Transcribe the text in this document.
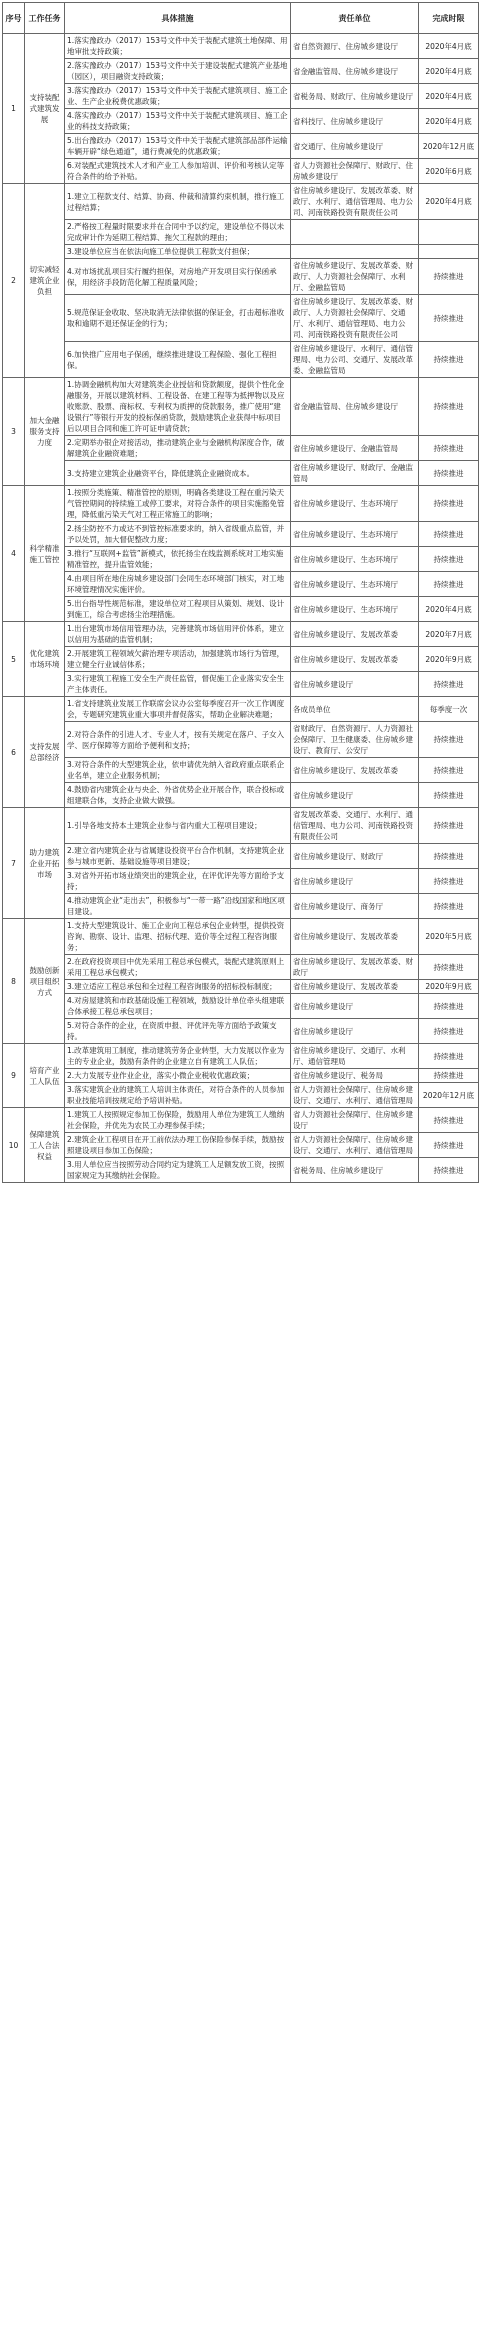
序号	工作任务	具体措施	责任单位	完成时限
1	支持装配式建筑发展	1.落实豫政办（2017）153号文件中关于装配式建筑土地保障、用地审批支持政策；	省自然资源厅、住房城乡建设厅	2020年4月底
		2.落实豫政办（2017）153号文件中关于建设装配式建筑产业基地（园区），项目融资支持政策；	省金融监管局、住房城乡建设厅	2020年4月底
		3.落实豫政办（2017）153号文件中关于装配式建筑项目、施工企业、生产企业税费优惠政策；	省税务局、财政厅、住房城乡建设厅	2020年4月底
		4.落实豫政办（2017）153号文件中关于装配式建筑项目、施工企业的科技支持政策；	省科技厅、住房城乡建设厅	2020年4月底
		5.出台豫政办（2017）153号文件中关于装配式建筑部品部件运输车辆开辟“绿色通道”，通行费减免的优惠政策；	省交通厅、住房城乡建设厅	2020年12月底
		6.对装配式建筑技术人才和产业工人参加培训、评价和考核认定等符合条件的给予补贴。	省人力资源社会保障厅、财政厅、住房城乡建设厅	2020年6月底
2	切实减轻建筑企业负担	1.建立工程款支付、结算、协商、仲裁和清算约束机制，推行施工过程结算；	省住房城乡建设厅、发展改革委、财政厅、水利厅、通信管理局、电力公司、河南铁路投资有限责任公司	2020年4月底
		2.严格按工程量时限要求并在合同中予以约定，建设单位不得以未完成审计作为延期工程结算、拖欠工程款的理由；		
		3.建设单位应当在依法向施工单位提供工程款支付担保；		
		4.对市场扰乱项目实行履约担保，对房地产开发项目实行保函承保，用经济手段防范化解工程质量风险；	省住房城乡建设厅、发展改革委、财政厅、人力资源社会保障厅、水利厅、金融监管局	持续推进
		5.规范保证金收取、坚决取消无法律依据的保证金，打击超标准收取和逾期不退还保证金的行为；	省住房城乡建设厅、发展改革委、财政厅、人力资源社会保障厅、交通厅、水利厅、通信管理局、电力公司、河南铁路投资有限责任公司	持续推进
		6.加快推广应用电子保函，继续推进建设工程保险、强化工程担保。	省住房城乡建设厅、水利厅、通信管理局、电力公司、交通厅、发展改革委、金融监管局	持续推进
3	加大金融服务支持力度	1.协调金融机构加大对建筑类企业授信和贷款额度，提供个性化金融服务，开展以建筑材料、工程设备、在建工程等为抵押物以及应收账款、股票、商标权、专利权为质押的贷款服务，推广使用“建设银行”等银行开发的投标保函贷款，鼓励建筑企业获得中标项目后以项目合同和施工许可证申请贷款；	省金融监管局、住房城乡建设厅	持续推进
		2.定期举办银企对接活动，推动建筑企业与金融机构深度合作，破解建筑企业融资难题；	省住房城乡建设厅、金融监管局	持续推进
		3.支持建立建筑企业融资平台，降低建筑企业融资成本。	省住房城乡建设厅、财政厅、金融监管局	持续推进
4	科学精准施工管控	1.按照分类施策、精准管控的原则，明确各类建设工程在重污染天气管控期间的持续施工或停工要求，对符合条件的项目实施豁免管理，降低重污染天气对工程正常施工的影响；	省住房城乡建设厅、生态环境厅	持续推进
		2.扬尘防控不力或达不到管控标准要求的，纳入省级重点监管，并予以处罚，加大督促整改力度；	省住房城乡建设厅、生态环境厅	持续推进
		3.推行“互联网+监管”新模式，依托扬尘在线监测系统对工地实施精准管控，提升监管效能；	省住房城乡建设厅、生态环境厅	持续推进
		4.由项目所在地住房城乡建设部门会同生态环境部门核实，对工地环境管理情况实施评价。	省住房城乡建设厅、生态环境厅	持续推进
		5.出台指导性规范标准，建设单位对工程项目从策划、规划、设计到施工，综合考虑扬尘治理措施。	省住房城乡建设厅、生态环境厅	2020年4月底
5	优化建筑市场环境	1.出台建筑市场信用管理办法，完善建筑市场信用评价体系，建立以信用为基础的监管机制；	省住房城乡建设厅、发展改革委	2020年7月底
		2.开展建筑工程领域欠薪治理专项活动，加强建筑市场行为管理，建立健全行业诚信体系；	省住房城乡建设厅、发展改革委	2020年9月底
		3.实行建筑工程施工安全生产责任监管，督促施工企业落实安全生产主体责任。	省住房城乡建设厅	持续推进
6	支持发展总部经济	1.省支持建筑业发展工作联席会议办公室每季度召开一次工作调度会，专题研究建筑业重大事项并督促落实，帮助企业解决难题；	各成员单位	每季度一次
		2.对符合条件的引进人才、专业人才，按有关规定在落户、子女入学、医疗保障等方面给予便利和支持；	省财政厅、自然资源厅、人力资源社会保障厅、卫生健康委、住房城乡建设厅、教育厅、公安厅	持续推进
		3.对符合条件的大型建筑企业，依申请优先纳入省政府重点联系企业名单，建立企业服务机制；	省住房城乡建设厅、发展改革委	持续推进
		4.鼓励省内建筑企业与央企、外省优势企业开展合作，联合投标或组建联合体，支持企业做大做强。	省住房城乡建设厅	持续推进
7	助力建筑企业开拓市场	1.引导各地支持本土建筑企业参与省内重大工程项目建设；	省发展改革委、交通厅、水利厅、通信管理局、电力公司、河南铁路投资有限责任公司	持续推进
		2.建立省内建筑企业与省属建设投资平台合作机制，支持建筑企业参与城市更新、基础设施等项目建设；	省住房城乡建设厅、财政厅	持续推进
		3.对省外开拓市场业绩突出的建筑企业，在评优评先等方面给予支持；	省住房城乡建设厅	持续推进
		4.推动建筑企业“走出去”，积极参与“一带一路”沿线国家和地区项目建设。	省住房城乡建设厅、商务厅	持续推进
8	鼓励创新项目组织方式	1.支持大型建筑设计、施工企业向工程总承包企业转型，提供投资咨询、勘察、设计、监理、招标代理、造价等全过程工程咨询服务；	省住房城乡建设厅、发展改革委	2020年5月底
		2.在政府投资项目中优先采用工程总承包模式，装配式建筑原则上采用工程总承包模式；	省住房城乡建设厅、发展改革委、财政厅	持续推进
		3.建立适应工程总承包和全过程工程咨询服务的招标投标制度；	省住房城乡建设厅、发展改革委	2020年9月底
		4.对房屋建筑和市政基础设施工程领域，鼓励设计单位牵头组建联合体承接工程总承包项目；	省住房城乡建设厅	持续推进
		5.对符合条件的企业，在资质申报、评优评先等方面给予政策支持。	省住房城乡建设厅	持续推进
9	培育产业工人队伍	1.改革建筑用工制度，推动建筑劳务企业转型，大力发展以作业为主的专业企业，鼓励有条件的企业建立自有建筑工人队伍；	省住房城乡建设厅、交通厅、水利厅、通信管理局	持续推进
		2.大力发展专业作业企业，落实小微企业税收优惠政策；	省住房城乡建设厅、税务局	持续推进
		3.落实建筑企业的建筑工人培训主体责任，对符合条件的人员参加职业技能培训按规定给予培训补贴。	省人力资源社会保障厅、住房城乡建设厅、交通厅、水利厅、通信管理局	2020年12月底
10	保障建筑工人合法权益	1.建筑工人按照规定参加工伤保险，鼓励用人单位为建筑工人缴纳社会保险，并优先为农民工办理参保手续；	省人力资源社会保障厅、住房城乡建设厅	持续推进
		2.建筑企业工程项目在开工前依法办理工伤保险参保手续，鼓励按照建设项目参加工伤保险；	省人力资源社会保障厅、住房城乡建设厅、交通厅、水利厅、通信管理局	持续推进
		3.用人单位应当按照劳动合同约定为建筑工人足额发放工资，按照国家规定为其缴纳社会保险。	省税务局、住房城乡建设厅	持续推进
